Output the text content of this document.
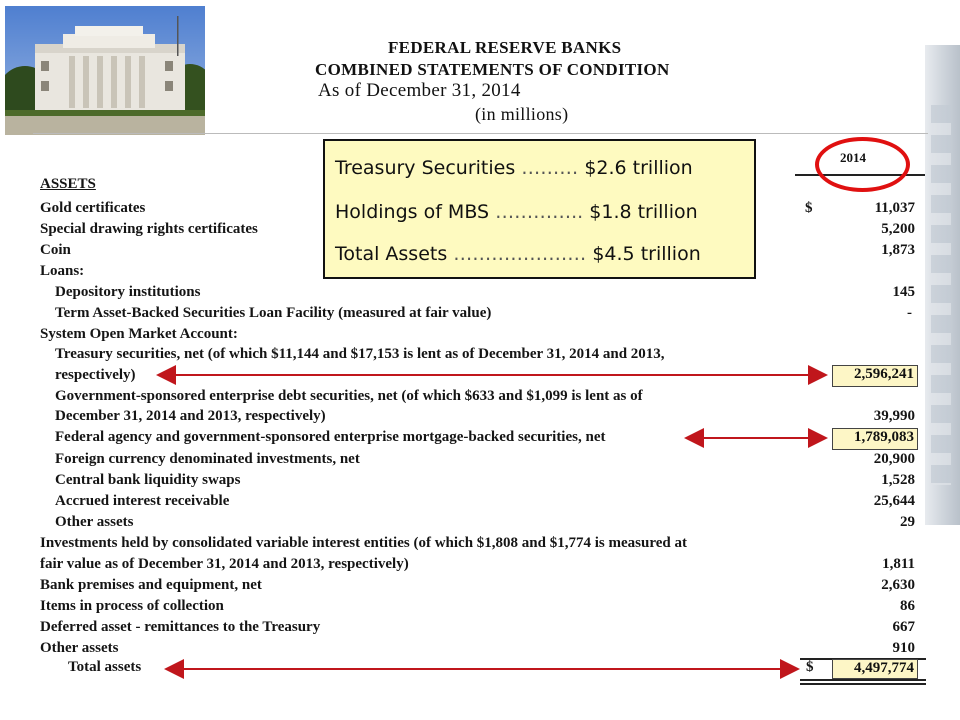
FEDERAL RESERVE BANKS
COMBINED STATEMENTS OF CONDITION
As of December 31, 2014
(in millions)
2014
ASSETS
Gold certificates	$	11,037
Special drawing rights certificates	5,200
Coin	1,873
Loans:
Depository institutions	145
Term Asset-Backed Securities Loan Facility (measured at fair value)	-
System Open Market Account:
Treasury securities, net (of which $11,144 and $17,153 is lent as of December 31, 2014 and 2013,
respectively)	2,596,241
Government-sponsored enterprise debt securities, net (of which $633 and $1,099 is lent as of
December 31, 2014 and 2013, respectively)	39,990
Federal agency and government-sponsored enterprise mortgage-backed securities, net	1,789,083
Foreign currency denominated investments, net	20,900
Central bank liquidity swaps	1,528
Accrued interest receivable	25,644
Other assets	29
Investments held by consolidated variable interest entities (of which $1,808 and $1,774 is measured at
fair value as of December 31, 2014 and 2013, respectively)	1,811
Bank premises and equipment, net	2,630
Items in process of collection	86
Deferred asset - remittances to the Treasury	667
Other assets	910
Total assets	$	4,497,774
Treasury Securities ……… $2.6 trillion
Holdings of MBS ………….. $1.8 trillion
Total Assets ………………… $4.5 trillion
